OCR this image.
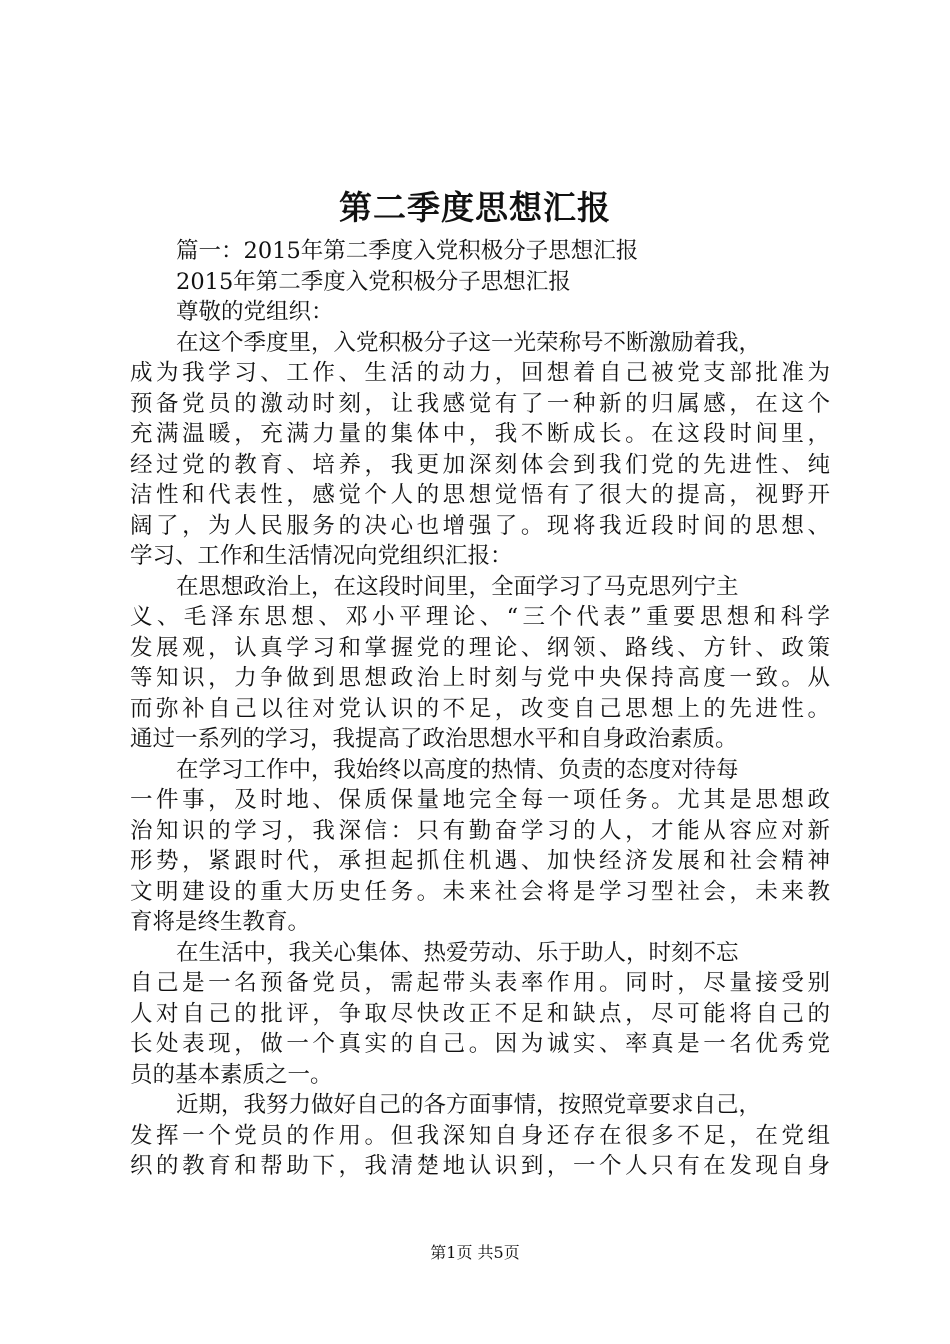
第二季度思想汇报
篇一：2015年第二季度入党积极分子思想汇报
2015年第二季度入党积极分子思想汇报
尊敬的党组织：
在这个季度里，入党积极分子这一光荣称号不断激励着我，
成为我学习、工作、生活的动力，回想着自己被党支部批准为
预备党员的激动时刻，让我感觉有了一种新的归属感，在这个
充满温暖，充满力量的集体中，我不断成长。在这段时间里，
经过党的教育、培养，我更加深刻体会到我们党的先进性、纯
洁性和代表性，感觉个人的思想觉悟有了很大的提高，视野开
阔了，为人民服务的决心也增强了。现将我近段时间的思想、
学习、工作和生活情况向党组织汇报：
在思想政治上，在这段时间里，全面学习了马克思列宁主
义、毛泽东思想、邓小平理论、“三个代表”重要思想和科学
发展观，认真学习和掌握党的理论、纲领、路线、方针、政策
等知识，力争做到思想政治上时刻与党中央保持高度一致。从
而弥补自己以往对党认识的不足，改变自己思想上的先进性。
通过一系列的学习，我提高了政治思想水平和自身政治素质。
在学习工作中，我始终以高度的热情、负责的态度对待每
一件事，及时地、保质保量地完全每一项任务。尤其是思想政
治知识的学习，我深信：只有勤奋学习的人，才能从容应对新
形势，紧跟时代，承担起抓住机遇、加快经济发展和社会精神
文明建设的重大历史任务。未来社会将是学习型社会，未来教
育将是终生教育。
在生活中，我关心集体、热爱劳动、乐于助人，时刻不忘
自己是一名预备党员，需起带头表率作用。同时，尽量接受别
人对自己的批评，争取尽快改正不足和缺点，尽可能将自己的
长处表现，做一个真实的自己。因为诚实、率真是一名优秀党
员的基本素质之一。
近期，我努力做好自己的各方面事情，按照党章要求自己，
发挥一个党员的作用。但我深知自身还存在很多不足，在党组
织的教育和帮助下，我清楚地认识到，一个人只有在发现自身
第1页 共5页
